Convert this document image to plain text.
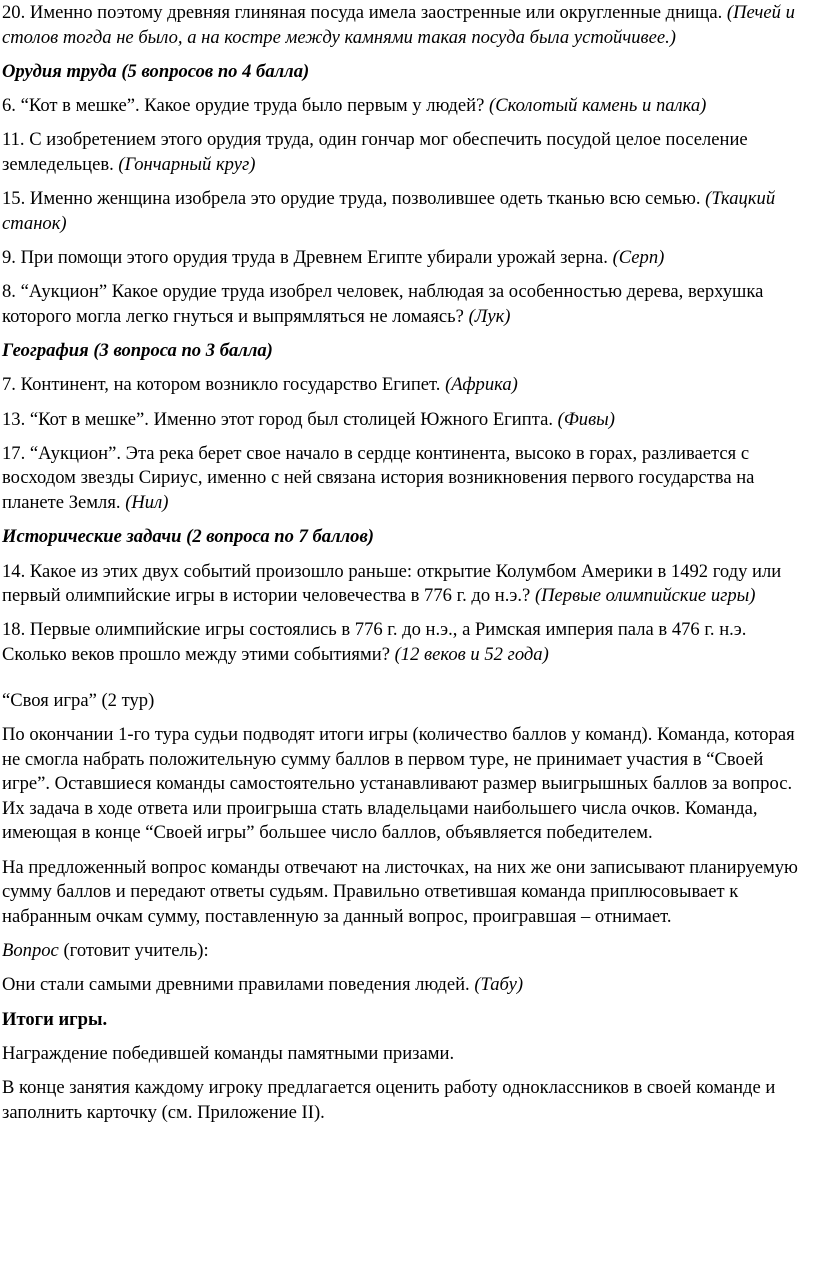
20. Именно поэтому древняя глиняная посуда имела заостренные или округленные днища. (Печей и столов тогда не было, а на костре между камнями такая посуда была устойчивее.)

Орудия труда (5 вопросов по 4 балла)

6. “Кот в мешке”. Какое орудие труда было первым у людей? (Сколотый камень и палка)

11. С изобретением этого орудия труда, один гончар мог обеспечить посудой целое поселение земледельцев. (Гончарный круг)

15. Именно женщина изобрела это орудие труда, позволившее одеть тканью всю семью. (Ткацкий станок)

9. При помощи этого орудия труда в Древнем Египте убирали урожай зерна. (Серп)

8. “Аукцион” Какое орудие труда изобрел человек, наблюдая за особенностью дерева, верхушка которого могла легко гнуться и выпрямляться не ломаясь? (Лук)

География (3 вопроса по 3 балла)

7. Континент, на котором возникло государство Египет. (Африка)

13. “Кот в мешке”. Именно этот город был столицей Южного Египта. (Фивы)

17. “Аукцион”. Эта река берет свое начало в сердце континента, высоко в горах, разливается с восходом звезды Сириус, именно с ней связана история возникновения первого государства на планете Земля. (Нил)

Исторические задачи (2 вопроса по 7 баллов)

14. Какое из этих двух событий произошло раньше: открытие Колумбом Америки в 1492 году или первый олимпийские игры в истории человечества в 776 г. до н.э.? (Первые олимпийские игры)

18. Первые олимпийские игры состоялись в 776 г. до н.э., а Римская империя пала в 476 г. н.э. Сколько веков прошло между этими событиями? (12 веков и 52 года)

“Своя игра” (2 тур)

По окончании 1-го тура судьи подводят итоги игры (количество баллов у команд). Команда, которая не смогла набрать положительную сумму баллов в первом туре, не принимает участия в “Своей игре”. Оставшиеся команды самостоятельно устанавливают размер выигрышных баллов за вопрос. Их задача в ходе ответа или проигрыша стать владельцами наибольшего числа очков. Команда, имеющая в конце “Своей игры” большее число баллов, объявляется победителем.

На предложенный вопрос команды отвечают на листочках, на них же они записывают планируемую сумму баллов и передают ответы судьям. Правильно ответившая команда приплюсовывает к набранным очкам сумму, поставленную за данный вопрос, проигравшая – отнимает.

Вопрос (готовит учитель):

Они стали самыми древними правилами поведения людей. (Табу)

Итоги игры.

Награждение победившей команды памятными призами.

В конце занятия каждому игроку предлагается оценить работу одноклассников в своей команде и заполнить карточку (см. Приложение II).
